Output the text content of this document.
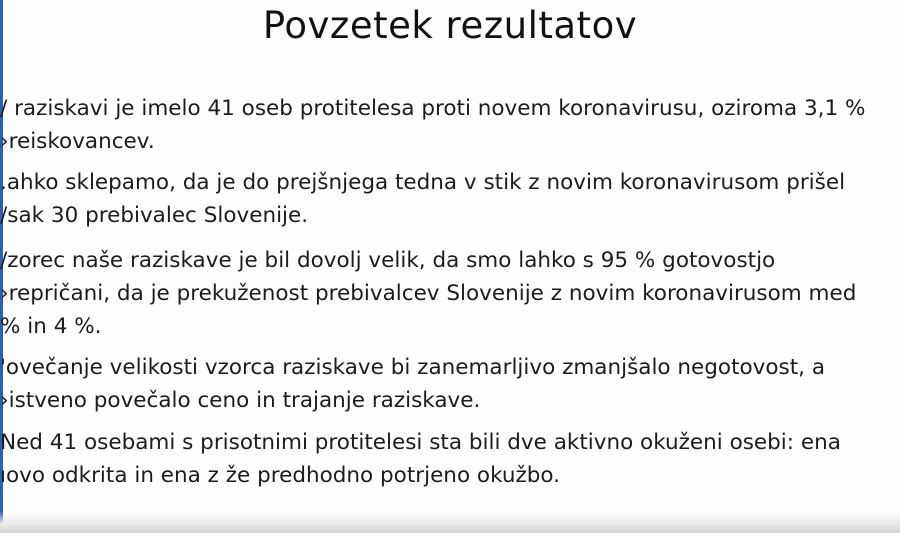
Povzetek rezultatov
/ raziskavi je imelo 41 oseb protitelesa proti novem koronavirusu, oziroma 3,1 %
›reiskovancev.
.ahko sklepamo, da je do prejšnjega tedna v stik z novim koronavirusom prišel
/sak 30 prebivalec Slovenije.
/zorec naše raziskave je bil dovolj velik, da smo lahko s 95 % gotovostjo
›repričani, da je prekuženost prebivalcev Slovenije z novim koronavirusom med
% in 4 %.
'ovečanje velikosti vzorca raziskave bi zanemarljivo zmanjšalo negotovost, a
›istveno povečalo ceno in trajanje raziskave.
Ned 41 osebami s prisotnimi protitelesi sta bili dve aktivno okuženi osebi: ena
ıovo odkrita in ena z že predhodno potrjeno okužbo.
